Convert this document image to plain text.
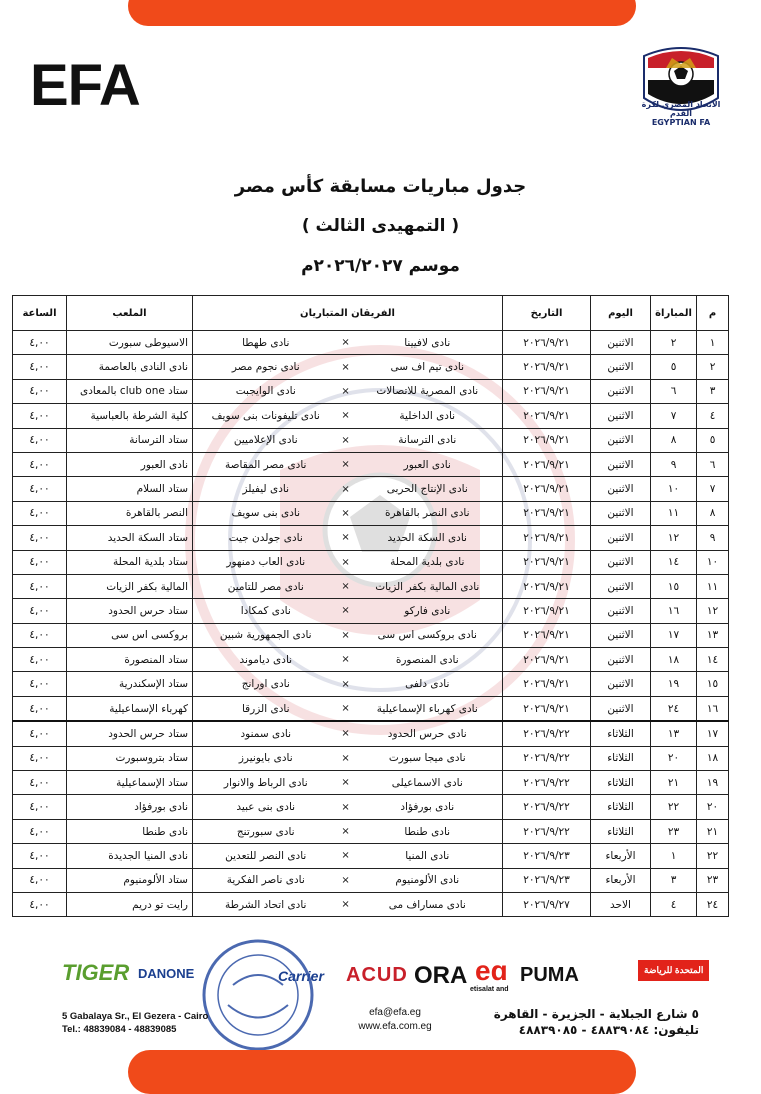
EFA	الاتحاد المصري لكرة القدم
EGYPTIAN FA
جدول مباريات مسابقة كأس مصر
( التمهيدى الثالث )
موسم ٢٠٢٦/٢٠٢٧م
م	المباراة	اليوم	التاريخ	الفريقان المتباريان			الملعب	الساعة
١	٢	الاثنين	٢٠٢٦/٩/٢١	نادى لافيينا	×	نادى طهطا	الاسيوطى سبورت	٤,٠٠
٢	٥	الاثنين	٢٠٢٦/٩/٢١	نادى تيم اف سى	×	نادى نجوم مصر	نادى النادى بالعاصمة	٤,٠٠
٣	٦	الاثنين	٢٠٢٦/٩/٢١	نادى المصرية للاتصالات	×	نادى الوايجبت	ستاد club one بالمعادى	٤,٠٠
٤	٧	الاثنين	٢٠٢٦/٩/٢١	نادى الداخلية	×	نادى تليفونات بنى سويف	كلية الشرطة بالعباسية	٤,٠٠
٥	٨	الاثنين	٢٠٢٦/٩/٢١	نادى الترسانة	×	نادى الإعلاميين	ستاد الترسانة	٤,٠٠
٦	٩	الاثنين	٢٠٢٦/٩/٢١	نادى العبور	×	نادى مصر المقاصة	نادى العبور	٤,٠٠
٧	١٠	الاثنين	٢٠٢٦/٩/٢١	نادى الإنتاج الحربى	×	نادى ليفيلز	ستاد السلام	٤,٠٠
٨	١١	الاثنين	٢٠٢٦/٩/٢١	نادى النصر بالقاهرة	×	نادى بنى سويف	النصر بالقاهرة	٤,٠٠
٩	١٢	الاثنين	٢٠٢٦/٩/٢١	نادى السكة الحديد	×	نادى جولدن جيت	ستاد السكة الحديد	٤,٠٠
١٠	١٤	الاثنين	٢٠٢٦/٩/٢١	نادى بلدية المحلة	×	نادى العاب دمنهور	ستاد بلدية المحلة	٤,٠٠
١١	١٥	الاثنين	٢٠٢٦/٩/٢١	نادى المالية بكفر الزيات	×	نادى مصر للتامين	المالية بكفر الزيات	٤,٠٠
١٢	١٦	الاثنين	٢٠٢٦/٩/٢١	نادى فاركو	×	نادى كمكادا	ستاد حرس الحدود	٤,٠٠
١٣	١٧	الاثنين	٢٠٢٦/٩/٢١	نادى بروكسى اس سى	×	نادى الجمهورية شبين	بروكسى اس سى	٤,٠٠
١٤	١٨	الاثنين	٢٠٢٦/٩/٢١	نادى المنصورة	×	نادى دياموند	ستاد المنصورة	٤,٠٠
١٥	١٩	الاثنين	٢٠٢٦/٩/٢١	نادى دلفى	×	نادى اورانج	ستاد الإسكندرية	٤,٠٠
١٦	٢٤	الاثنين	٢٠٢٦/٩/٢١	نادى كهرباء الإسماعيلية	×	نادى الزرقا	كهرباء الإسماعيلية	٤,٠٠
١٧	١٣	الثلاثاء	٢٠٢٦/٩/٢٢	نادى حرس الحدود	×	نادى سمنود	ستاد حرس الحدود	٤,٠٠
١٨	٢٠	الثلاثاء	٢٠٢٦/٩/٢٢	نادى ميجا سبورت	×	نادى بايونيرز	ستاد بتروسبورت	٤,٠٠
١٩	٢١	الثلاثاء	٢٠٢٦/٩/٢٢	نادى الاسماعيلى	×	نادى الرباط والانوار	ستاد الإسماعيلية	٤,٠٠
٢٠	٢٢	الثلاثاء	٢٠٢٦/٩/٢٢	نادى بورفؤاد	×	نادى بنى عبيد	نادى بورفؤاد	٤,٠٠
٢١	٢٣	الثلاثاء	٢٠٢٦/٩/٢٢	نادى طنطا	×	نادى سبورتنج	نادى طنطا	٤,٠٠
٢٢	١	الأربعاء	٢٠٢٦/٩/٢٣	نادى المنيا	×	نادى النصر للتعدين	نادى المنيا الجديدة	٤,٠٠
٢٣	٣	الأربعاء	٢٠٢٦/٩/٢٣	نادى الألومنيوم	×	نادى ناصر الفكرية	ستاد الألومنيوم	٤,٠٠
٢٤	٤	الاحد	٢٠٢٦/٩/٢٧	نادى مساراف مى	×	نادى اتحاد الشرطة	رايت تو دريم	٤,٠٠
TIGER DANONE	Carrier ACUD ORA
etisalat and
eɑ PUMA	المتحدة للرياضة
5 Gabalaya Sr., El Gezera - Cairo
Tel.: 48839084 - 48839085
efa@efa.eg
www.efa.com.eg
٥ شارع الجبلاية - الجزيرة - القاهرة
تليفون: ٤٨٨٣٩٠٨٤ - ٤٨٨٣٩٠٨٥
